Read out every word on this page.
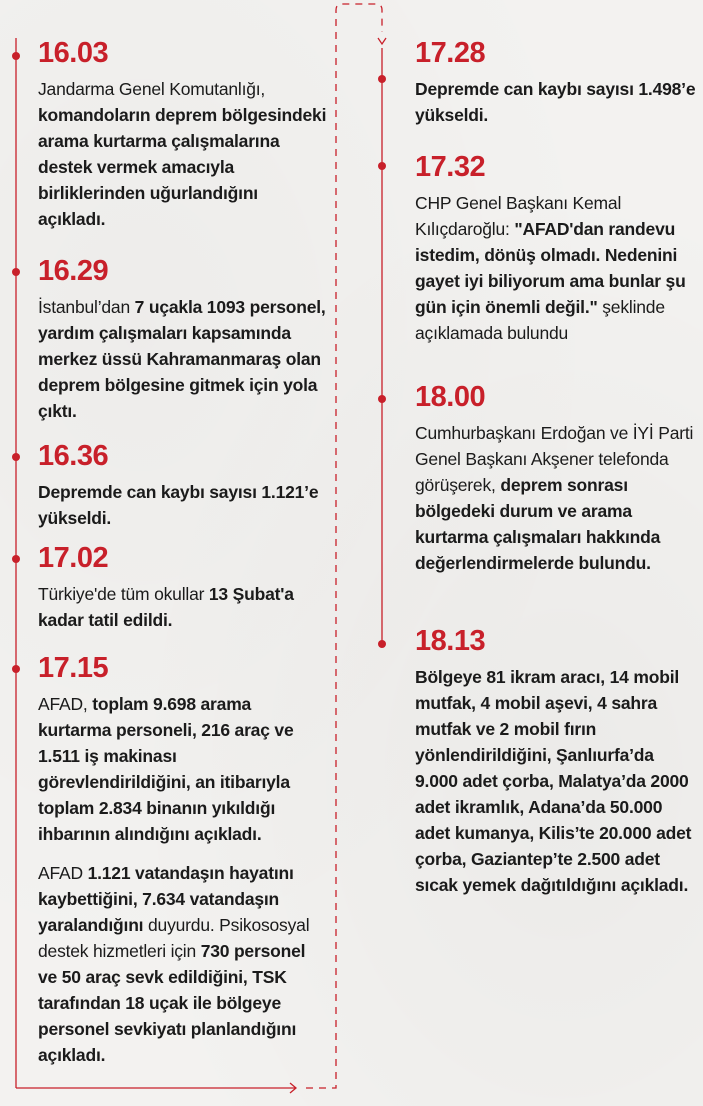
16.03

Jandarma Genel Komutanlığı, komandoların deprem bölgesindeki arama kurtarma çalışmalarına destek vermek amacıyla birliklerinden uğurlandığını açıkladı.

16.29

İstanbul’dan 7 uçakla 1093 personel, yardım çalışmaları kapsamında merkez üssü Kahramanmaraş olan deprem bölgesine gitmek için yola çıktı.

16.36

Depremde can kaybı sayısı 1.121’e yükseldi.

17.02

Türkiye'de tüm okullar 13 Şubat'a kadar tatil edildi.

17.15

AFAD, toplam 9.698 arama kurtarma personeli, 216 araç ve 1.511 iş makinası görevlendirildiğini, an itibarıyla toplam 2.834 binanın yıkıldığı ihbarının alındığını açıkladı.

AFAD 1.121 vatandaşın hayatını kaybettiğini, 7.634 vatandaşın yaralandığını duyurdu. Psikososyal destek hizmetleri için 730 personel ve 50 araç sevk edildiğini, TSK tarafından 18 uçak ile bölgeye personel sevkiyatı planlandığını açıkladı.

17.28

Depremde can kaybı sayısı 1.498’e yükseldi.

17.32

CHP Genel Başkanı Kemal Kılıçdaroğlu: "AFAD'dan randevu istedim, dönüş olmadı. Nedenini gayet iyi biliyorum ama bunlar şu gün için önemli değil." şeklinde açıklamada bulundu

18.00

Cumhurbaşkanı Erdoğan ve İYİ Parti Genel Başkanı Akşener telefonda görüşerek, deprem sonrası bölgedeki durum ve arama kurtarma çalışmaları hakkında değerlendirmelerde bulundu.

18.13

Bölgeye 81 ikram aracı, 14 mobil mutfak, 4 mobil aşevi, 4 sahra mutfak ve 2 mobil fırın yönlendirildiğini, Şanlıurfa’da 9.000 adet çorba, Malatya’da 2000 adet ikramlık, Adana’da 50.000 adet kumanya, Kilis’te 20.000 adet çorba, Gaziantep’te 2.500 adet sıcak yemek dağıtıldığını açıkladı.
